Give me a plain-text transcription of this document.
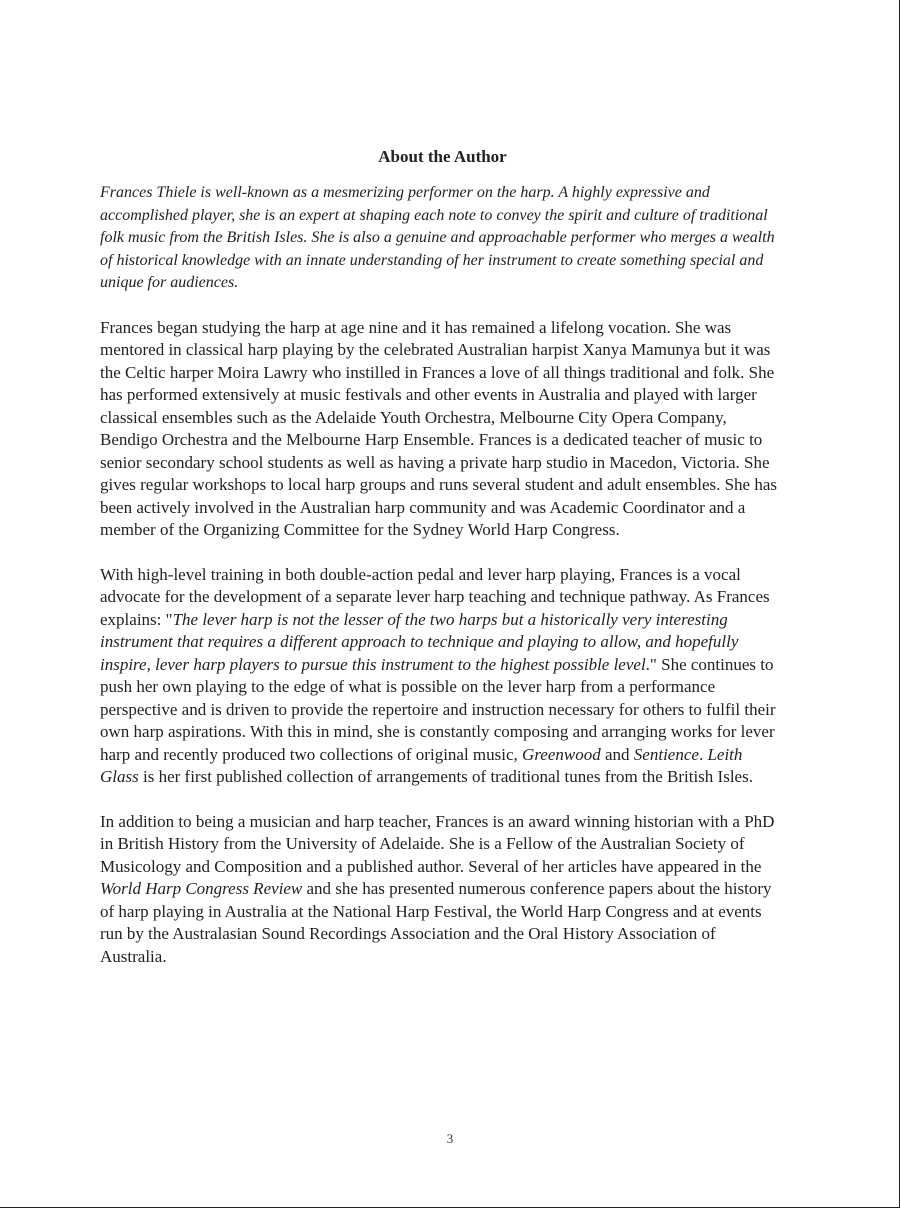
About the Author

Frances Thiele is well-known as a mesmerizing performer on the harp. A highly expressive and accomplished player, she is an expert at shaping each note to convey the spirit and culture of traditional folk music from the British Isles. She is also a genuine and approachable performer who merges a wealth of historical knowledge with an innate understanding of her instrument to create something special and unique for audiences.

Frances began studying the harp at age nine and it has remained a lifelong vocation. She was mentored in classical harp playing by the celebrated Australian harpist Xanya Mamunya but it was the Celtic harper Moira Lawry who instilled in Frances a love of all things traditional and folk. She has performed extensively at music festivals and other events in Australia and played with larger classical ensembles such as the Adelaide Youth Orchestra, Melbourne City Opera Company, Bendigo Orchestra and the Melbourne Harp Ensemble. Frances is a dedicated teacher of music to senior secondary school students as well as having a private harp studio in Macedon, Victoria. She gives regular workshops to local harp groups and runs several student and adult ensembles. She has been actively involved in the Australian harp community and was Academic Coordinator and a member of the Organizing Committee for the Sydney World Harp Congress.

With high-level training in both double-action pedal and lever harp playing, Frances is a vocal advocate for the development of a separate lever harp teaching and technique pathway. As Frances explains: "The lever harp is not the lesser of the two harps but a historically very interesting instrument that requires a different approach to technique and playing to allow, and hopefully inspire, lever harp players to pursue this instrument to the highest possible level." She continues to push her own playing to the edge of what is possible on the lever harp from a performance perspective and is driven to provide the repertoire and instruction necessary for others to fulfil their own harp aspirations. With this in mind, she is constantly composing and arranging works for lever harp and recently produced two collections of original music, Greenwood and Sentience. Leith Glass is her first published collection of arrangements of traditional tunes from the British Isles.

In addition to being a musician and harp teacher, Frances is an award winning historian with a PhD in British History from the University of Adelaide. She is a Fellow of the Australian Society of Musicology and Composition and a published author. Several of her articles have appeared in the World Harp Congress Review and she has presented numerous conference papers about the history of harp playing in Australia at the National Harp Festival, the World Harp Congress and at events run by the Australasian Sound Recordings Association and the Oral History Association of Australia.

3
